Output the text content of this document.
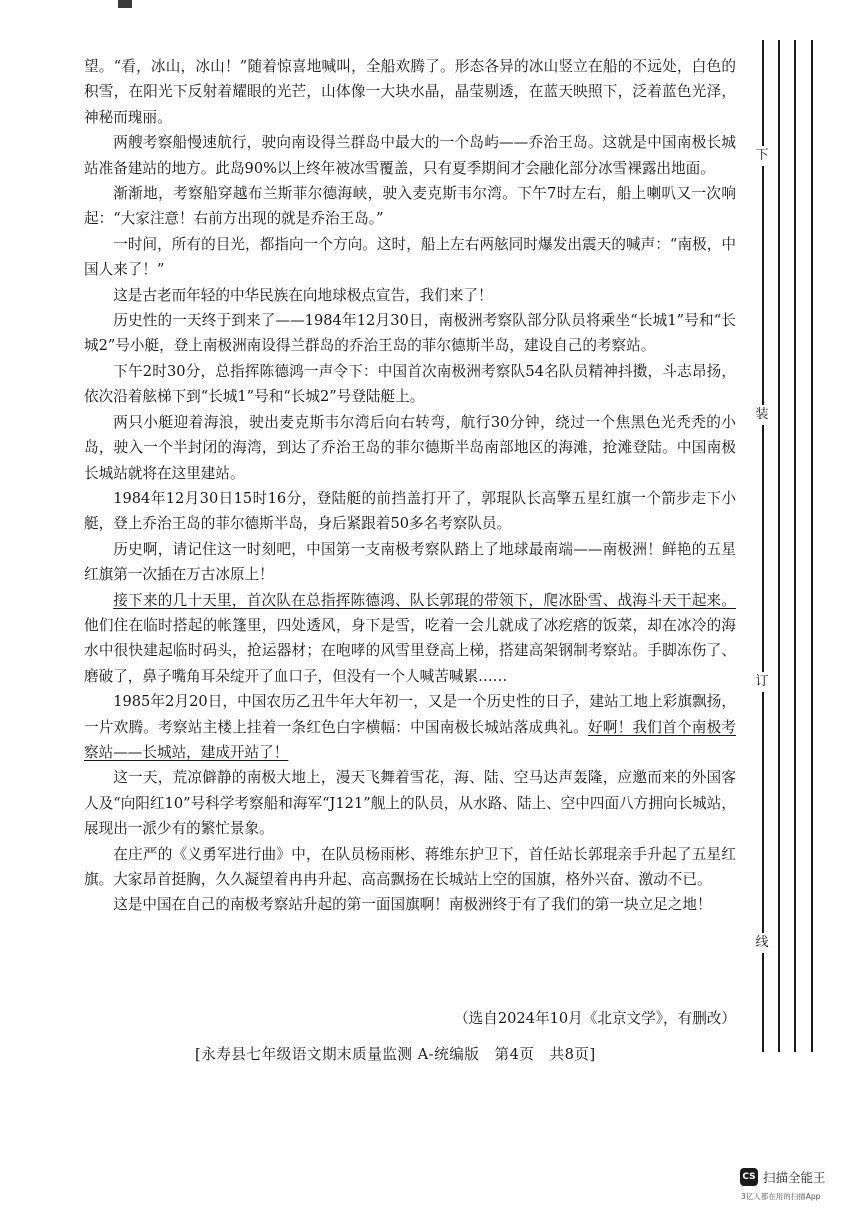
望。“看，冰山，冰山！”随着惊喜地喊叫，全船欢腾了。形态各异的冰山竖立在船的不远处，白色的积雪，在阳光下反射着耀眼的光芒，山体像一大块水晶，晶莹剔透，在蓝天映照下，泛着蓝色光泽，神秘而瑰丽。

两艘考察船慢速航行，驶向南设得兰群岛中最大的一个岛屿——乔治王岛。这就是中国南极长城站准备建站的地方。此岛90%以上终年被冰雪覆盖，只有夏季期间才会融化部分冰雪裸露出地面。

渐渐地，考察船穿越布兰斯菲尔德海峡，驶入麦克斯韦尔湾。下午7时左右，船上喇叭又一次响起：“大家注意！右前方出现的就是乔治王岛。”

一时间，所有的目光，都指向一个方向。这时，船上左右两舷同时爆发出震天的喊声：“南极，中国人来了！”

这是古老而年轻的中华民族在向地球极点宣告，我们来了！

历史性的一天终于到来了——1984年12月30日，南极洲考察队部分队员将乘坐“长城1”号和“长城2”号小艇，登上南极洲南设得兰群岛的乔治王岛的菲尔德斯半岛，建设自己的考察站。

下午2时30分，总指挥陈德鸿一声令下：中国首次南极洲考察队54名队员精神抖擞，斗志昂扬，依次沿着舷梯下到“长城1”号和“长城2”号登陆艇上。

两只小艇迎着海浪，驶出麦克斯韦尔湾后向右转弯，航行30分钟，绕过一个焦黑色光秃秃的小岛，驶入一个半封闭的海湾，到达了乔治王岛的菲尔德斯半岛南部地区的海滩，抢滩登陆。中国南极长城站就将在这里建站。

1984年12月30日15时16分，登陆艇的前挡盖打开了，郭琨队长高擎五星红旗一个箭步走下小艇，登上乔治王岛的菲尔德斯半岛，身后紧跟着50多名考察队员。

历史啊，请记住这一时刻吧，中国第一支南极考察队踏上了地球最南端——南极洲！鲜艳的五星红旗第一次插在万古冰原上！

接下来的几十天里，首次队在总指挥陈德鸿、队长郭琨的带领下，爬冰卧雪、战海斗天干起来。他们住在临时搭起的帐篷里，四处透风，身下是雪，吃着一会儿就成了冰疙瘩的饭菜，却在冰冷的海水中很快建起临时码头，抢运器材；在咆哮的风雪里登高上梯，搭建高架钢制考察站。手脚冻伤了、磨破了，鼻子嘴角耳朵绽开了血口子，但没有一个人喊苦喊累……

1985年2月20日，中国农历乙丑牛年大年初一，又是一个历史性的日子，建站工地上彩旗飘扬，一片欢腾。考察站主楼上挂着一条红色白字横幅：中国南极长城站落成典礼。好啊！我们首个南极考察站——长城站，建成开站了！

这一天，荒凉僻静的南极大地上，漫天飞舞着雪花，海、陆、空马达声轰隆，应邀而来的外国客人及“向阳红10”号科学考察船和海军“J121”舰上的队员，从水路、陆上、空中四面八方拥向长城站，展现出一派少有的繁忙景象。

在庄严的《义勇军进行曲》中，在队员杨雨彬、蒋维东护卫下，首任站长郭琨亲手升起了五星红旗。大家昂首挺胸，久久凝望着冉冉升起、高高飘扬在长城站上空的国旗，格外兴奋、激动不已。

这是中国在自己的南极考察站升起的第一面国旗啊！南极洲终于有了我们的第一块立足之地！

（选自2024年10月《北京文学》，有删改）
[永寿县七年级语文期末质量监测 A-统编版　第4页　共8页]
下
装
订
线
CS 扫描全能王
3亿人都在用的扫描App
